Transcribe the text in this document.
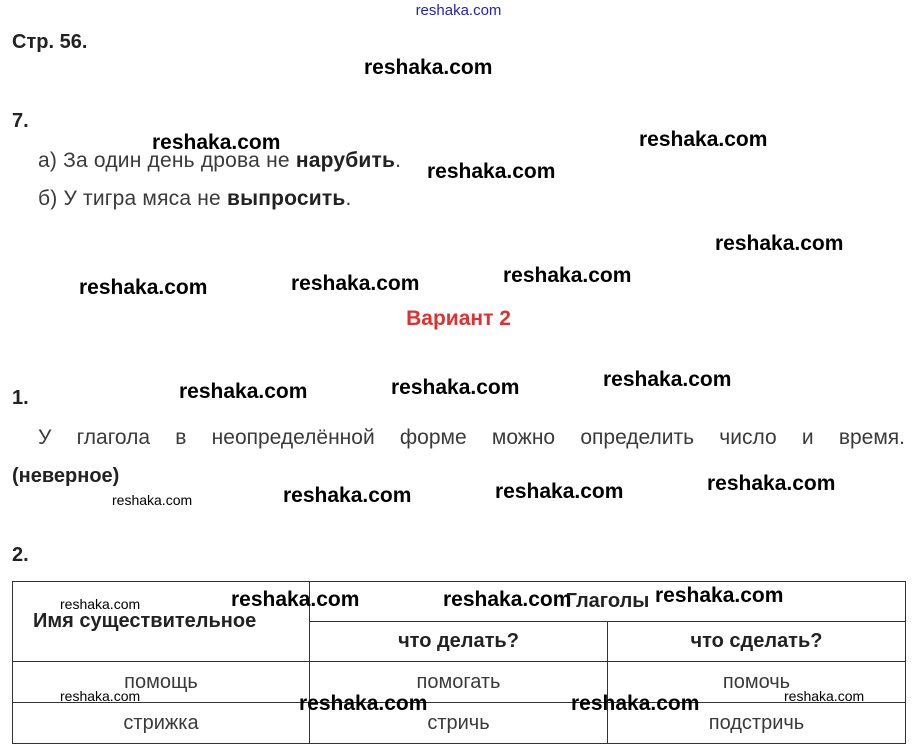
reshaka.com
Стр. 56.
7.
а) За один день дрова не нарубить.
б) У тигра мяса не выпросить.
Вариант 2
1.
У глагола в неопределённой форме можно определить число и время.
(неверное)
2.
Имя существительное	Глаголы	
	что делать?	что сделать?
помощь	помогать	помочь
стрижка	стричь	подстричь
reshaka.com
reshaka.com	reshaka.com
reshaka.com
reshaka.com
reshaka.com
reshaka.com
reshaka.com
reshaka.com
reshaka.com
reshaka.com
reshaka.com
reshaka.com
reshaka.com
reshaka.com
reshaka.com
reshaka.com
reshaka.com
reshaka.com
reshaka.com	reshaka.com
reshaka.com	reshaka.com
